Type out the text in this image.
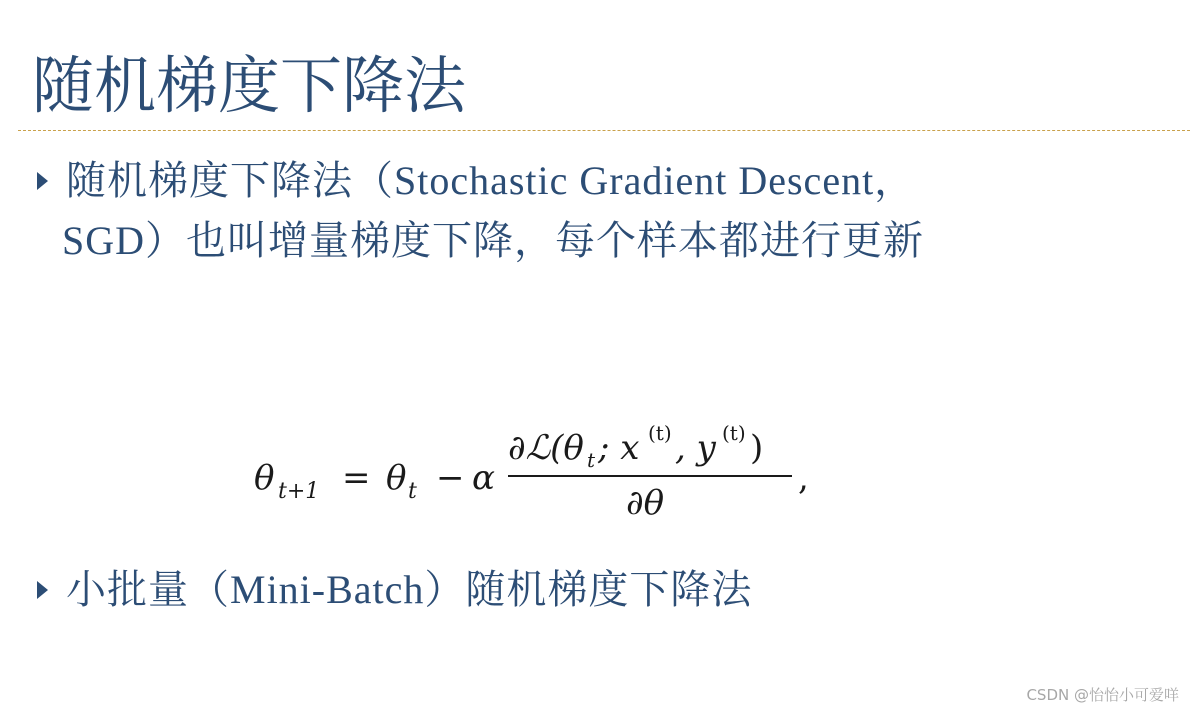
随机梯度下降法
随机梯度下降法（Stochastic Gradient Descent，
SGD）也叫增量梯度下降，每个样本都进行更新
θ t+1 = θ t − α
∂ℒ(θ t ; x (t) , y (t) )
∂θ
,
小批量（Mini-Batch）随机梯度下降法
CSDN @怡怡小可爱咩
